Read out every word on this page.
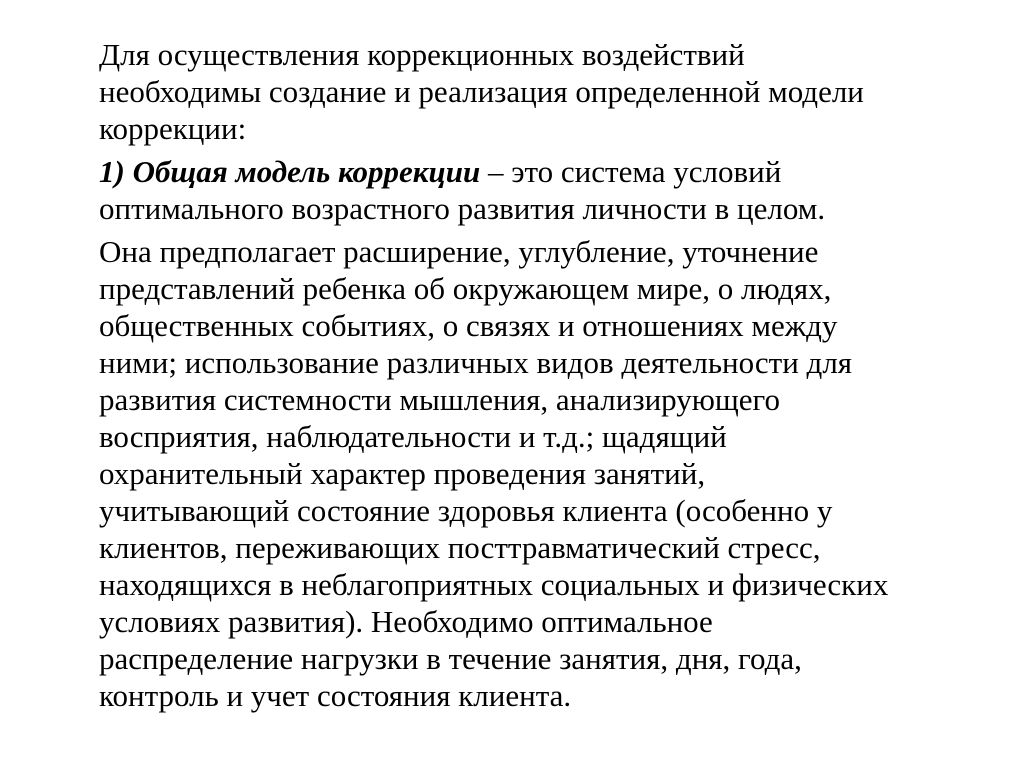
Для осуществления коррекционных воздействий
необходимы создание и реализация определенной модели
коррекции:

1) Общая модель коррекции – это система условий
оптимального возрастного развития личности в целом.

Она предполагает расширение, углубление, уточнение
представлений ребенка об окружающем мире, о людях,
общественных событиях, о связях и отношениях между
ними; использование различных видов деятельности для
развития системности мышления, анализирующего
восприятия, наблюдательности и т.д.; щадящий
охранительный характер проведения занятий,
учитывающий состояние здоровья клиента (особенно у
клиентов, переживающих посттравматический стресс,
находящихся в неблагоприятных социальных и физических
условиях развития). Необходимо оптимальное
распределение нагрузки в течение занятия, дня, года,
контроль и учет состояния клиента.
